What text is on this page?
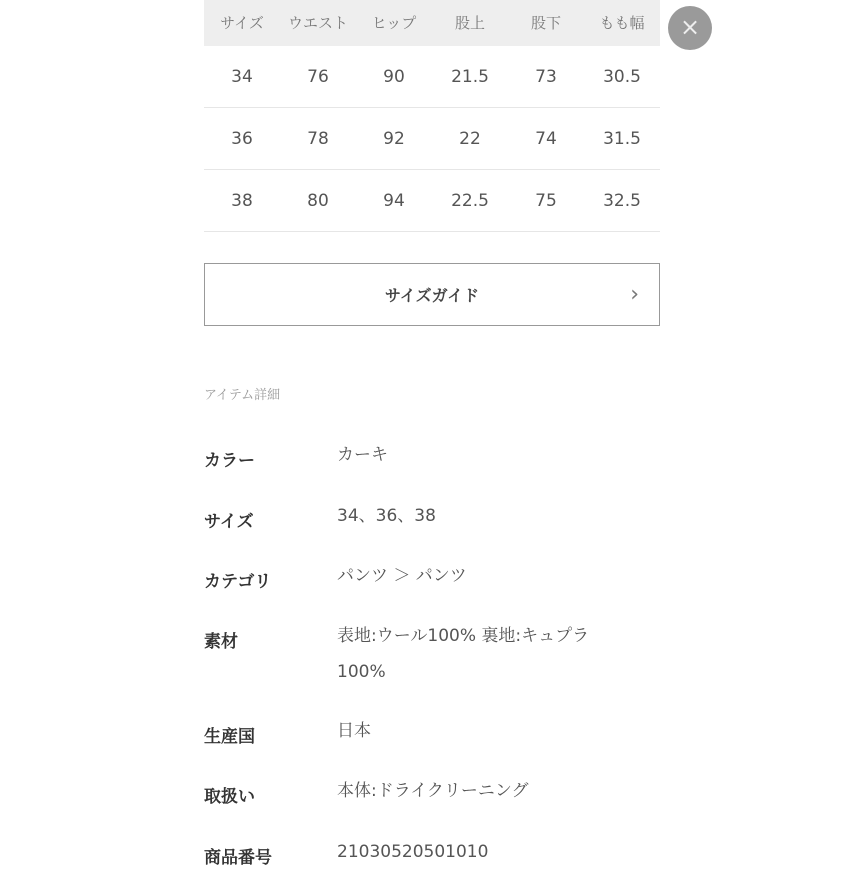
サイズ	ウエスト	ヒップ	股上	股下	もも幅
34	76	90	21.5	73	30.5
36	78	92	22	74	31.5
38	80	94	22.5	75	32.5
×
サイズガイド	›
アイテム詳細
カラー	カーキ
サイズ	34、36、38
カテゴリ	パンツ ＞ パンツ
素材	表地:ウール100% 裏地:キュプラ100%
生産国	日本
取扱い	本体:ドライクリーニング
商品番号	21030520501010
